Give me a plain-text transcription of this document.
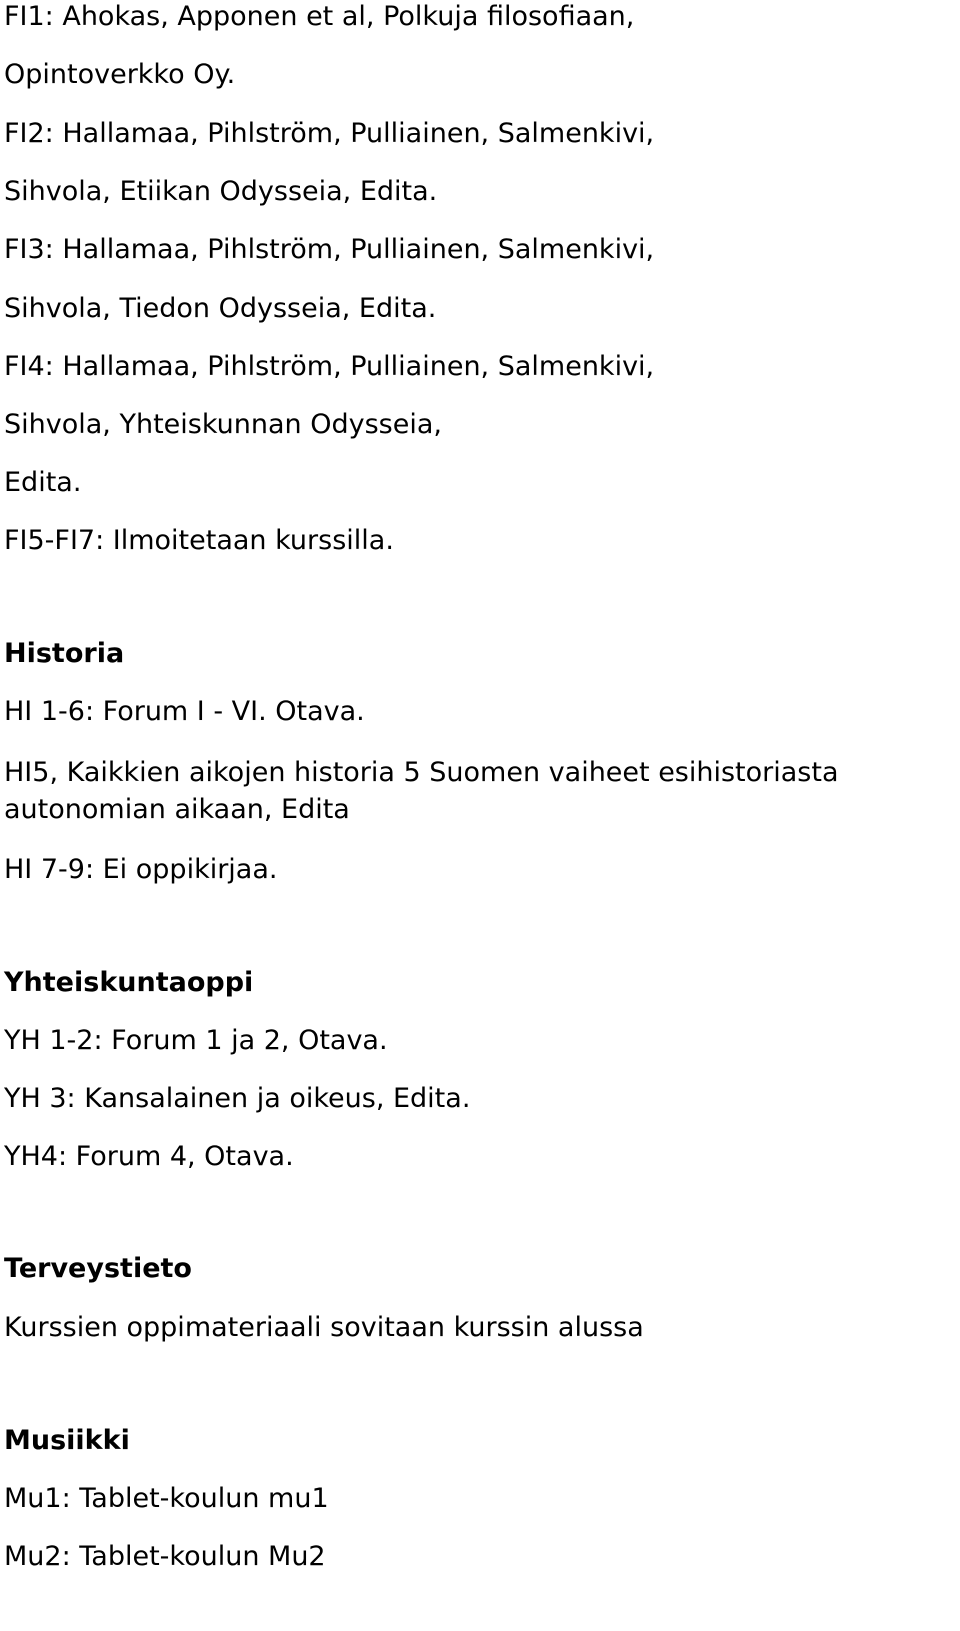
FI1: Ahokas, Apponen et al, Polkuja filosofiaan,

Opintoverkko Oy.

FI2: Hallamaa, Pihlström, Pulliainen, Salmenkivi,

Sihvola, Etiikan Odysseia, Edita.

FI3: Hallamaa, Pihlström, Pulliainen, Salmenkivi,

Sihvola, Tiedon Odysseia, Edita.

FI4: Hallamaa, Pihlström, Pulliainen, Salmenkivi,

Sihvola, Yhteiskunnan Odysseia,

Edita.

FI5-FI7: Ilmoitetaan kurssilla.

Historia

HI 1-6: Forum I - VI. Otava.

HI5, Kaikkien aikojen historia 5 Suomen vaiheet esihistoriasta

autonomian aikaan, Edita

HI 7-9: Ei oppikirjaa.

Yhteiskuntaoppi

YH 1-2: Forum 1 ja 2, Otava.

YH 3: Kansalainen ja oikeus, Edita.

YH4: Forum 4, Otava.

Terveystieto

Kurssien oppimateriaali sovitaan kurssin alussa

Musiikki

Mu1: Tablet-koulun mu1

Mu2: Tablet-koulun Mu2
